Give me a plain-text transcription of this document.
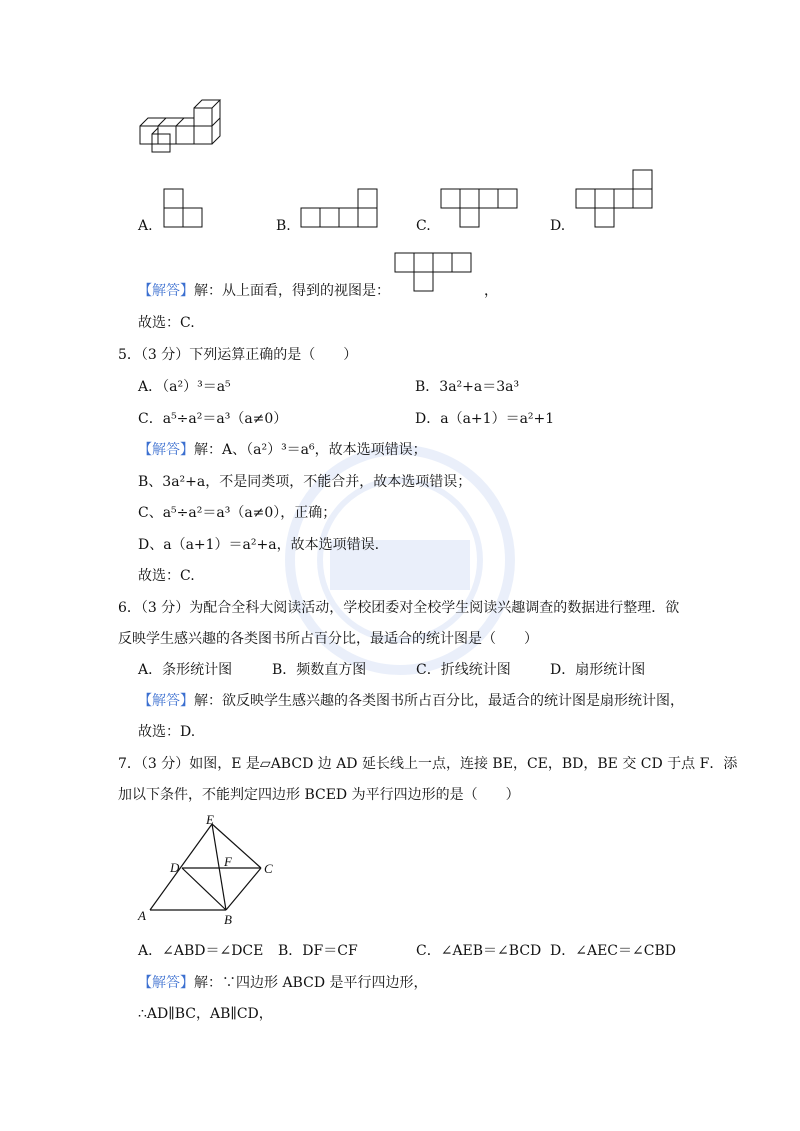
A.	B.	C.	D.
【解答】解：从上面看，得到的视图是：	，
故选：C.
5．（3 分）下列运算正确的是（　　）
A．（a²）³＝a⁵	B．3a²+a＝3a³
C．a⁵÷a²＝a³（a≠0）	D．a（a+1）＝a²+1
【解答】解：A、（a²）³＝a⁶，故本选项错误；
B、3a²+a，不是同类项，不能合并，故本选项错误；
C、a⁵÷a²＝a³（a≠0），正确；
D、a（a+1）＝a²+a，故本选项错误.
故选：C.
6．（3 分）为配合全科大阅读活动，学校团委对全校学生阅读兴趣调查的数据进行整理．欲
反映学生感兴趣的各类图书所占百分比，最适合的统计图是（　　）
A．条形统计图	B．频数直方图	C．折线统计图	D．扇形统计图
【解答】解：欲反映学生感兴趣的各类图书所占百分比，最适合的统计图是扇形统计图，
故选：D.
7．（3 分）如图，E 是▱ABCD 边 AD 延长线上一点，连接 BE，CE，BD，BE 交 CD 于点 F．添
加以下条件，不能判定四边形 BCED 为平行四边形的是（　　）
E
D	F C
A	B
A．∠ABD＝∠DCE B．DF＝CF	C．∠AEB＝∠BCD D．∠AEC＝∠CBD
【解答】解：∵四边形 ABCD 是平行四边形，
∴AD∥BC，AB∥CD，
